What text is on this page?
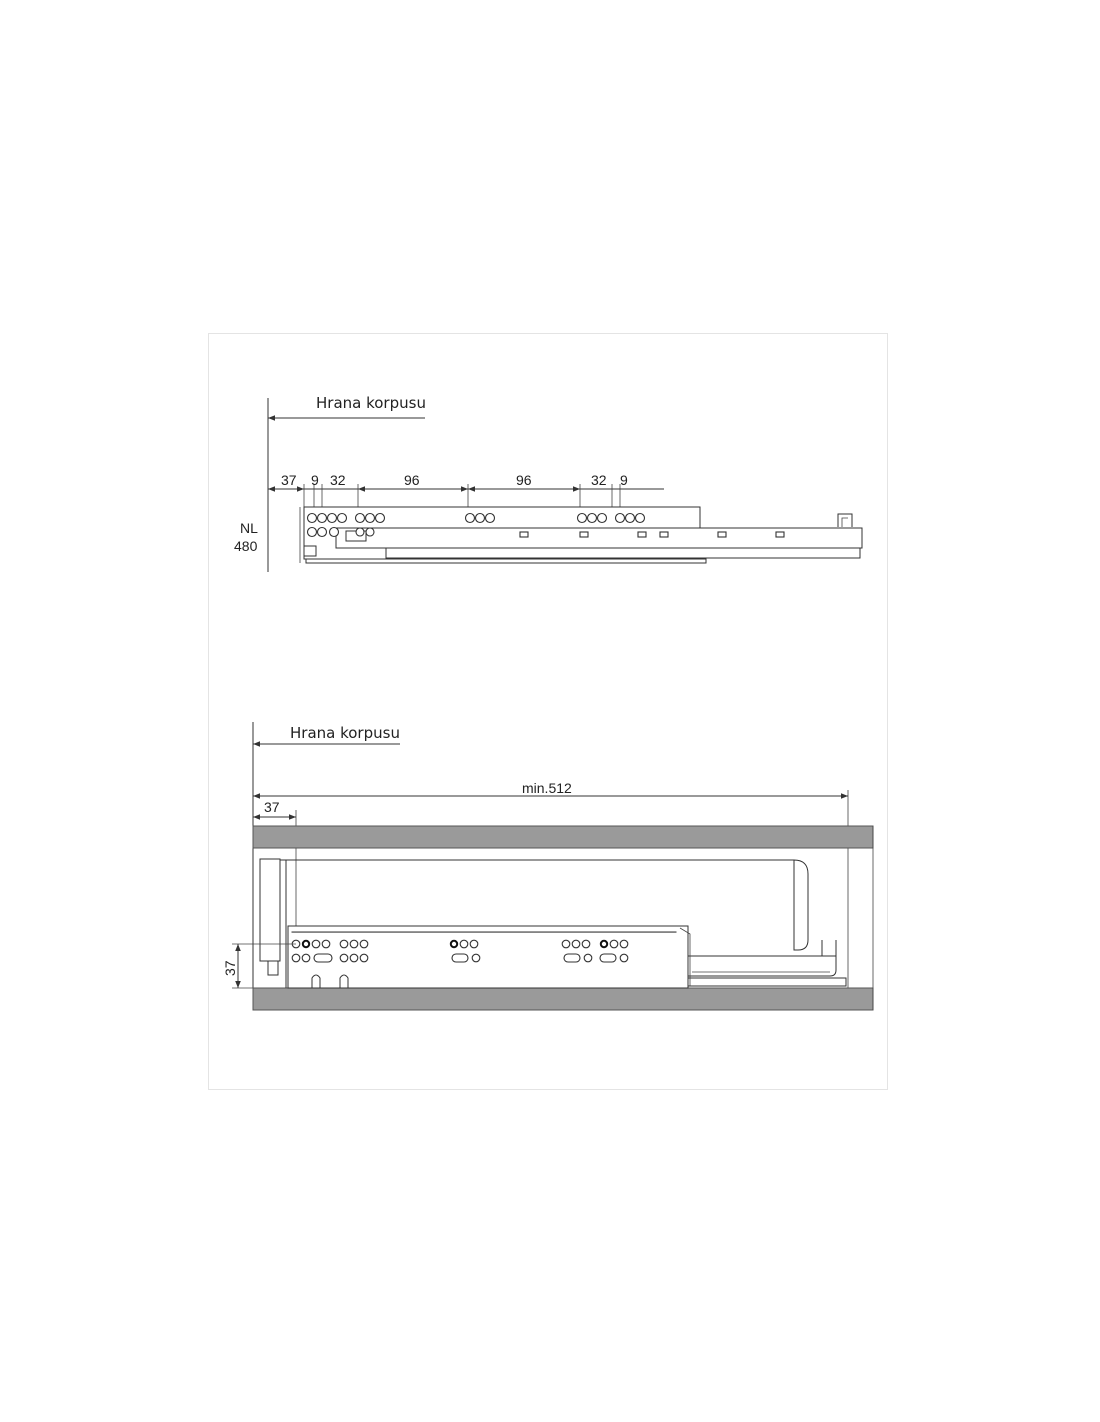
Hrana korpusu
37 9 32	96	96	32 9
NL
480
Hrana korpusu
min.512
37
37
